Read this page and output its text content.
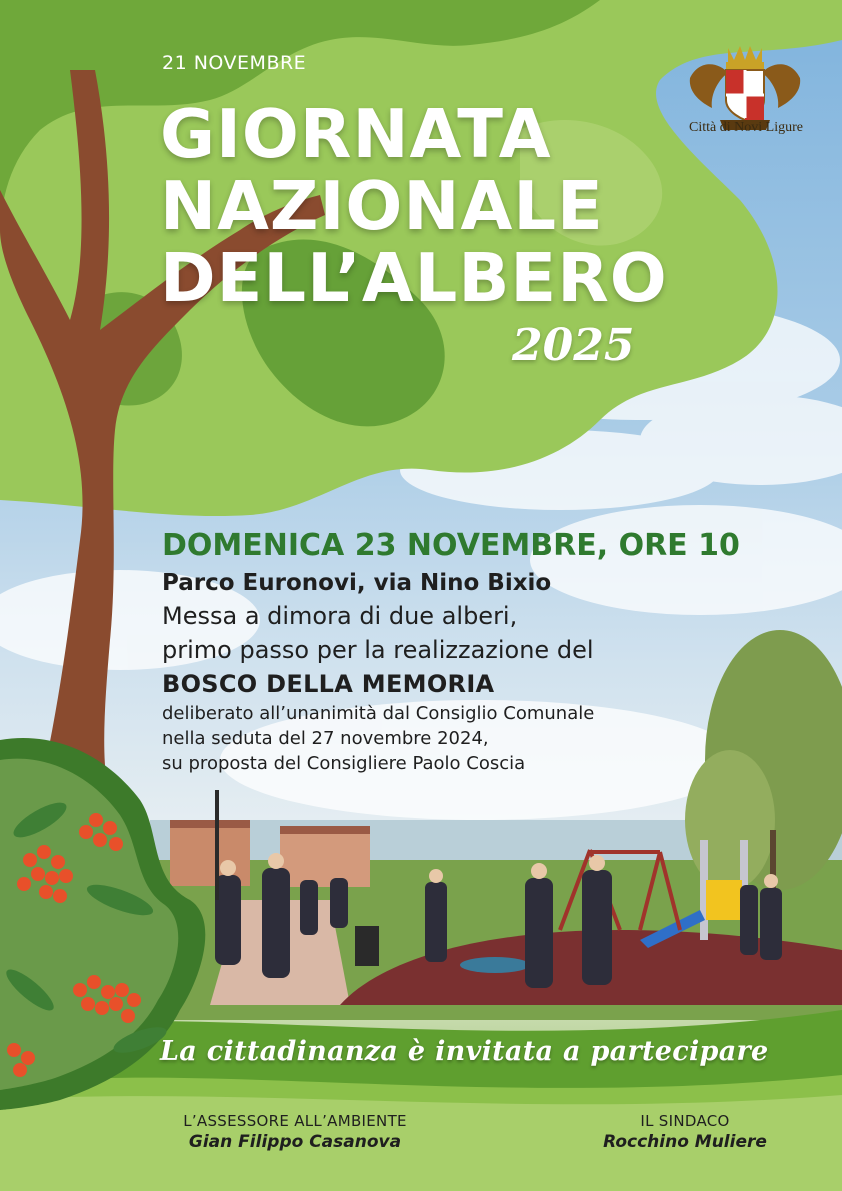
21 NOVEMBRE
GIORNATA
NAZIONALE
DELL’ALBERO
2025
Città di Novi Ligure
DOMENICA 23 NOVEMBRE, ORE 10
Parco Euronovi, via Nino Bixio
Messa a dimora di due alberi,
primo passo per la realizzazione del
BOSCO DELLA MEMORIA
deliberato all’unanimità dal Consiglio Comunale
nella seduta del 27 novembre 2024,
su proposta del Consigliere Paolo Coscia
La cittadinanza è invitata a partecipare
L’ASSESSORE ALL’AMBIENTE
Gian Filippo Casanova
IL SINDACO
Rocchino Muliere
